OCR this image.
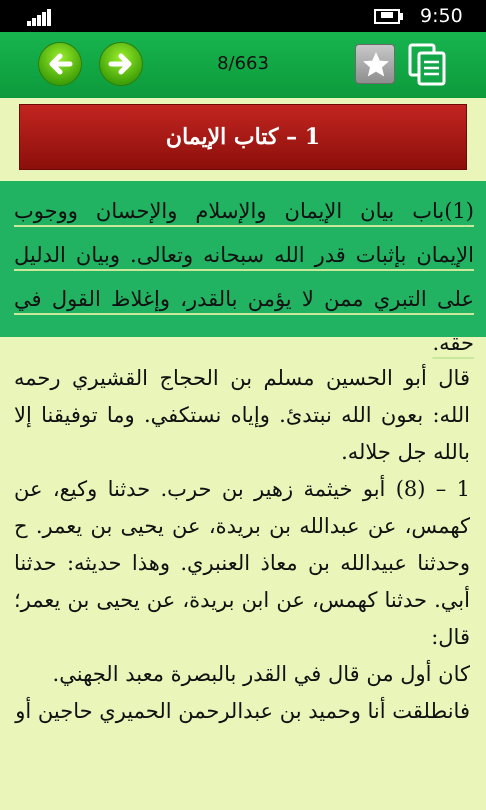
9:50
8/663
1 – كتاب الإيمان
(1)باب بيان الإيمان والإسلام والإحسان ووجوب الإيمان بإثبات قدر الله سبحانه وتعالى. وبيان الدليل على التبري ممن لا يؤمن بالقدر، وإغلاظ القول في حقه.

قال أبو الحسين مسلم بن الحجاج القشيري رحمه الله: بعون الله نبتدئ. وإياه نستكفي. وما توفيقنا إلا بالله جل جلاله.

1 – (8) أبو خيثمة زهير بن حرب. حدثنا وكيع، عن كهمس، عن عبدالله بن بريدة، عن يحيى بن يعمر. ح وحدثنا عبيدالله بن معاذ العنبري. وهذا حديثه: حدثنا أبي. حدثنا كهمس، عن ابن بريدة، عن يحيى بن يعمر؛ قال:

كان أول من قال في القدر بالبصرة معبد الجهني.

فانطلقت أنا وحميد بن عبدالرحمن الحميري حاجين أو
